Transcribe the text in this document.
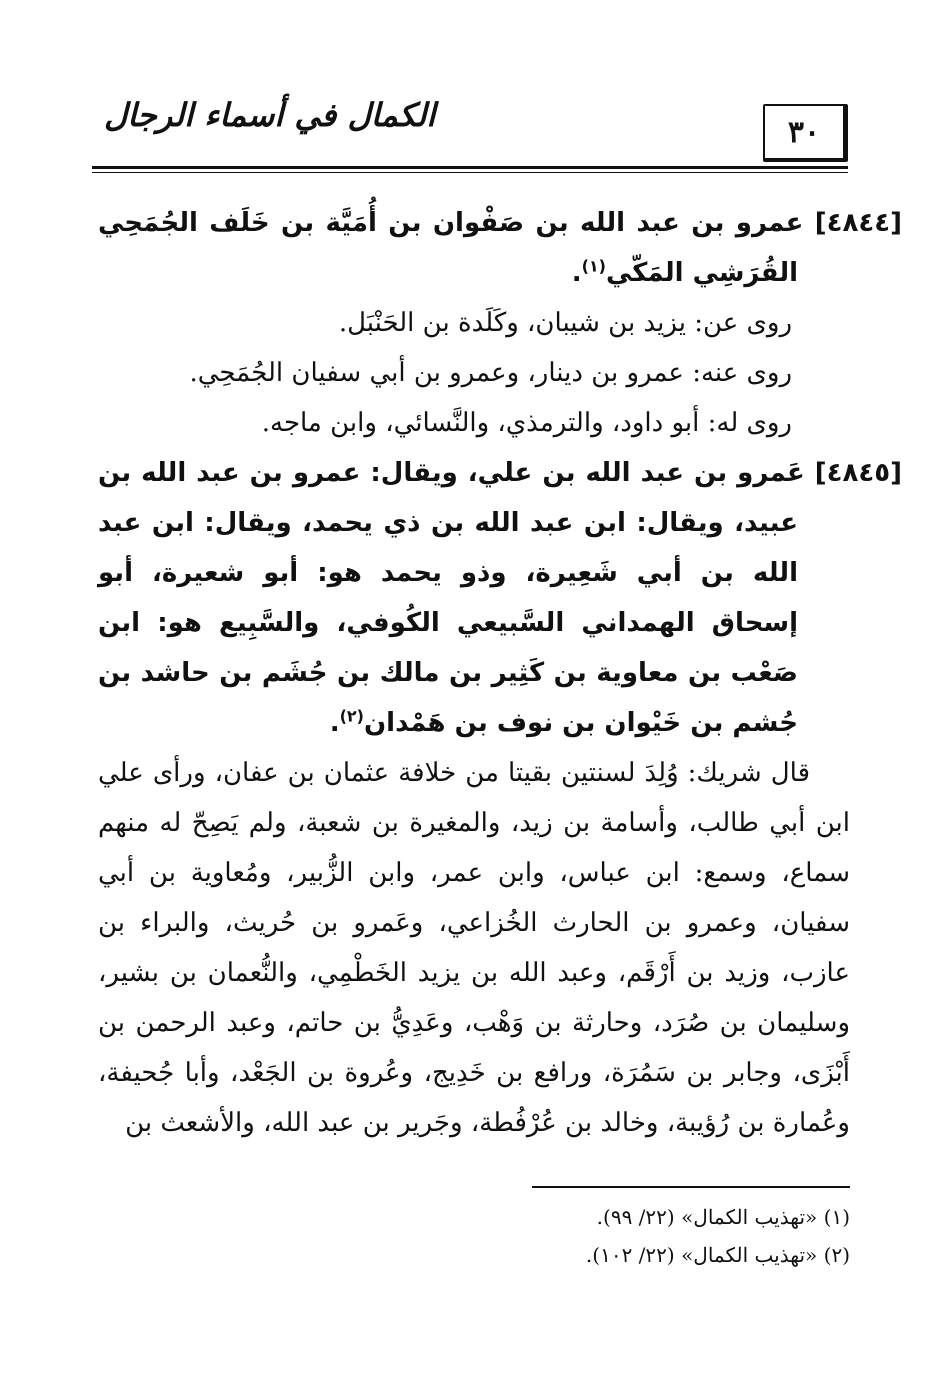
٣٠
الكمال في أسماء الرجال
[٤٨٤٤] عمرو بن عبد الله بن صَفْوان بن أُمَيَّة بن خَلَف الجُمَحِي القُرَشِي المَكّي$^{(١)}$.
روى عن: يزيد بن شيبان، وكَلَدة بن الحَنْبَل.
روى عنه: عمرو بن دينار، وعمرو بن أبي سفيان الجُمَحِي.
روى له: أبو داود، والترمذي، والنَّسائي، وابن ماجه.
[٤٨٤٥] عَمرو بن عبد الله بن علي، ويقال: عمرو بن عبد الله بن عبيد، ويقال: ابن عبد الله بن ذي يحمد، ويقال: ابن عبد الله بن أبي شَعِيرة، وذو يحمد هو: أبو شعيرة، أبو إسحاق الهمداني السَّبيعي الكُوفي، والسَّبِيع هو: ابن صَعْب بن معاوية بن كَثِير بن مالك بن جُشَم بن حاشد بن جُشم بن خَيْوان بن نوف بن هَمْدان$^{(٢)}$.
قال شريك: وُلِدَ لسنتين بقيتا من خلافة عثمان بن عفان، ورأى علي ابن أبي طالب، وأسامة بن زيد، والمغيرة بن شعبة، ولم يَصِحّ له منهم سماع، وسمع: ابن عباس، وابن عمر، وابن الزُّبير، ومُعاوية بن أبي سفيان، وعمرو بن الحارث الخُزاعي، وعَمرو بن حُريث، والبراء بن عازب، وزيد بن أَرْقَم، وعبد الله بن يزيد الخَطْمِي، والنُّعمان بن بشير، وسليمان بن صُرَد، وحارثة بن وَهْب، وعَدِيُّ بن حاتم، وعبد الرحمن بن أَبْزَى، وجابر بن سَمُرَة، ورافع بن خَدِيج، وعُروة بن الجَعْد، وأبا جُحيفة، وعُمارة بن رُؤيبة، وخالد بن عُرْفُطة، وجَرير بن عبد الله، والأشعث بن
(١) «تهذيب الكمال» (٢٢/ ٩٩).
(٢) «تهذيب الكمال» (٢٢/ ١٠٢).
